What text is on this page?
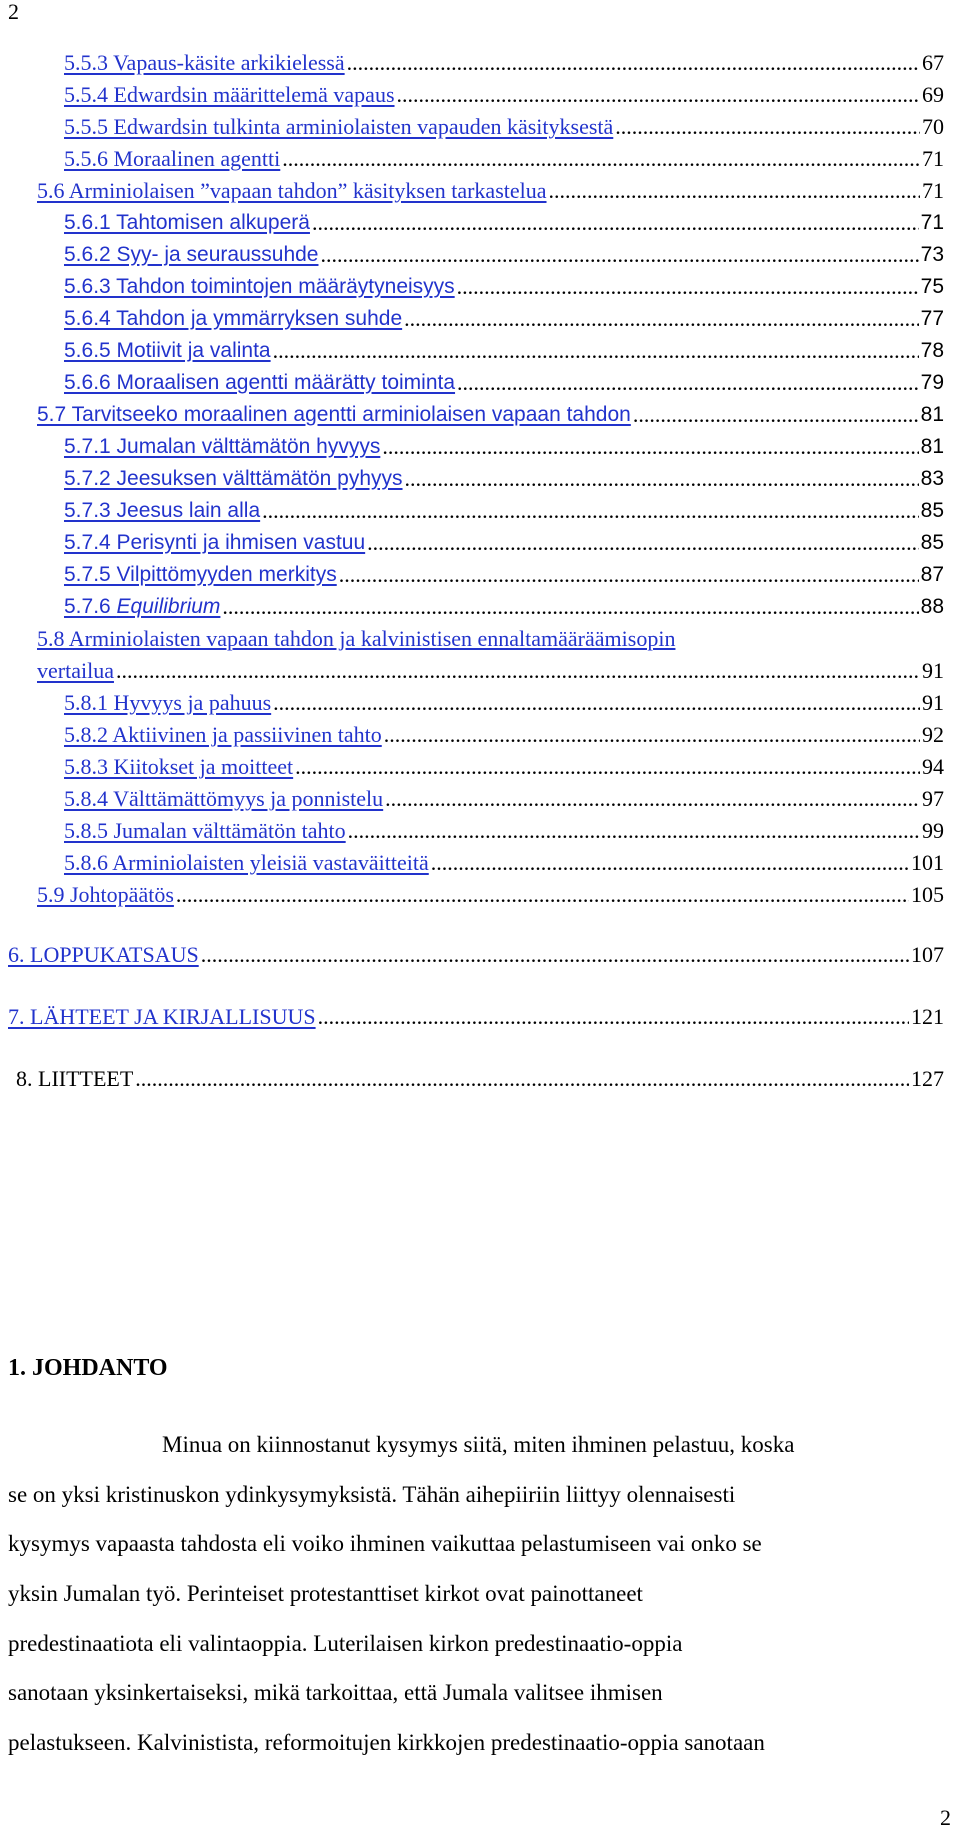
2
5.5.3 Vapaus-käsite arkikielessä .....	67
5.5.4 Edwardsin määrittelemä vapaus .....	69
5.5.5 Edwardsin tulkinta arminiolaisten vapauden käsityksestä .....	70
5.5.6 Moraalinen agentti .....	71
5.6 Arminiolaisen ”vapaan tahdon” käsityksen tarkastelua .....	71
5.6.1 Tahtomisen alkuperä .....	71
5.6.2 Syy- ja seuraussuhde .....	73
5.6.3 Tahdon toimintojen määräytyneisyys .....	75
5.6.4 Tahdon ja ymmärryksen suhde .....	77
5.6.5 Motiivit ja valinta .....	78
5.6.6 Moraalisen agentti määrätty toiminta .....	79
5.7 Tarvitseeko moraalinen agentti arminiolaisen vapaan tahdon .....	81
5.7.1 Jumalan välttämätön hyvyys .....	81
5.7.2 Jeesuksen välttämätön pyhyys .....	83
5.7.3 Jeesus lain alla .....	85
5.7.4 Perisynti ja ihmisen vastuu .....	85
5.7.5 Vilpittömyyden merkitys .....	87
5.7.6 Equilibrium .....	88
5.8 Arminiolaisten vapaan tahdon ja kalvinistisen ennaltamääräämisopin
vertailua .....	91
5.8.1 Hyvyys ja pahuus .....	91
5.8.2 Aktiivinen ja passiivinen tahto .....	92
5.8.3 Kiitokset ja moitteet .....	94
5.8.4 Välttämättömyys ja ponnistelu .....	97
5.8.5 Jumalan välttämätön tahto .....	99
5.8.6 Arminiolaisten yleisiä vastaväitteitä .....	101
5.9 Johtopäätös .....	105
6. LOPPUKATSAUS .....	107
7. LÄHTEET JA KIRJALLISUUS .....	121
8. LIITTEET .....	127
1. JOHDANTO
Minua on kiinnostanut kysymys siitä, miten ihminen pelastuu, koska
se on yksi kristinuskon ydinkysymyksistä. Tähän aihepiiriin liittyy olennaisesti
kysymys vapaasta tahdosta eli voiko ihminen vaikuttaa pelastumiseen vai onko se
yksin Jumalan työ. Perinteiset protestanttiset kirkot ovat painottaneet
predestinaatiota eli valintaoppia. Luterilaisen kirkon predestinaatio-oppia
sanotaan yksinkertaiseksi, mikä tarkoittaa, että Jumala valitsee ihmisen
pelastukseen. Kalvinistista, reformoitujen kirkkojen predestinaatio-oppia sanotaan
2
